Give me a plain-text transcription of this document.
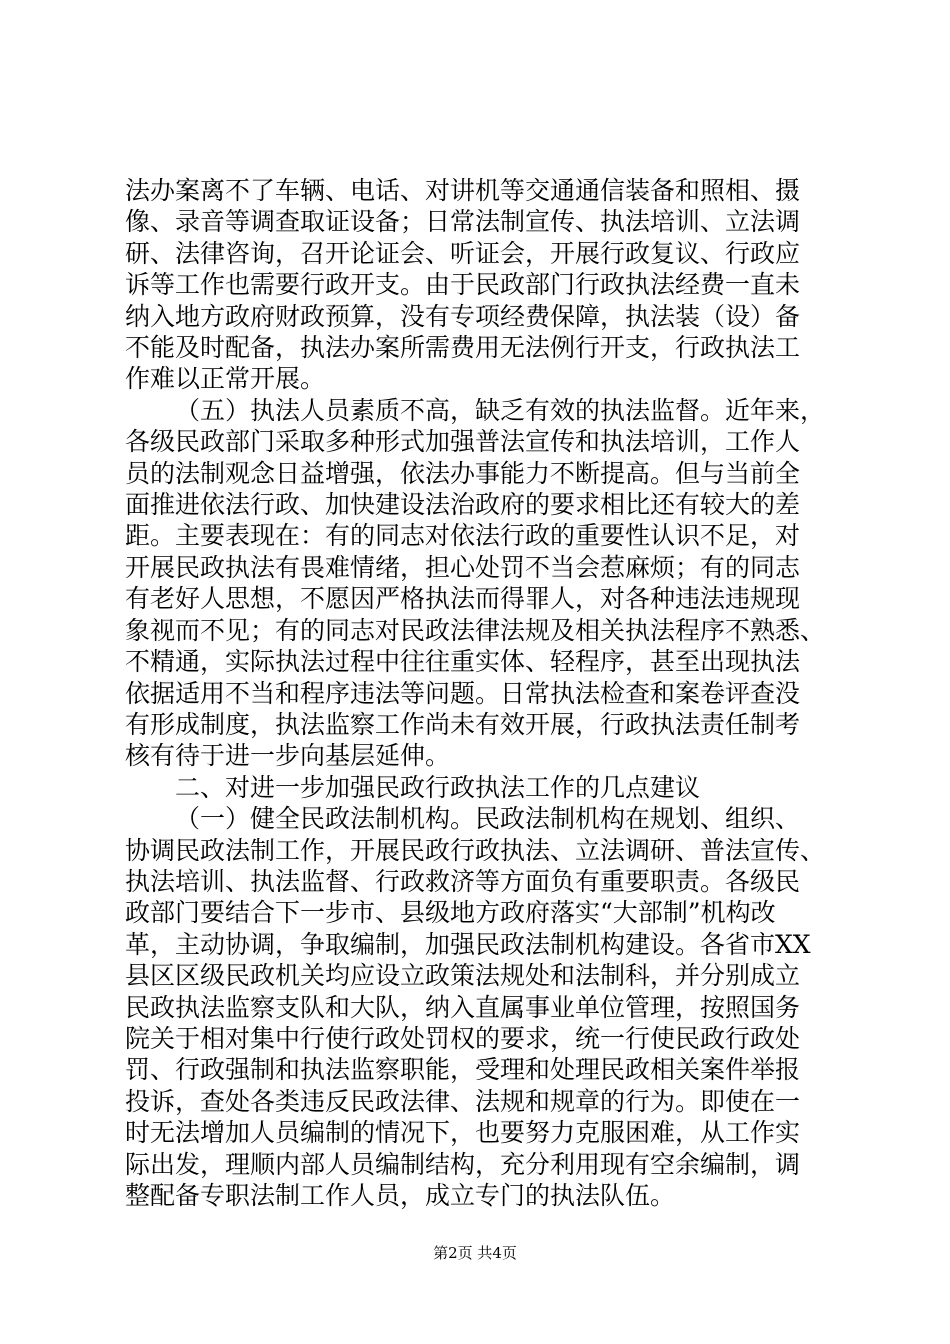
法办案离不了车辆、电话、对讲机等交通通信装备和照相、摄
像、录音等调查取证设备；日常法制宣传、执法培训、立法调
研、法律咨询，召开论证会、听证会，开展行政复议、行政应
诉等工作也需要行政开支。由于民政部门行政执法经费一直未
纳入地方政府财政预算，没有专项经费保障，执法装（设）备
不能及时配备，执法办案所需费用无法例行开支，行政执法工
作难以正常开展。

（五）执法人员素质不高，缺乏有效的执法监督。近年来，
各级民政部门采取多种形式加强普法宣传和执法培训，工作人
员的法制观念日益增强，依法办事能力不断提高。但与当前全
面推进依法行政、加快建设法治政府的要求相比还有较大的差
距。主要表现在：有的同志对依法行政的重要性认识不足，对
开展民政执法有畏难情绪，担心处罚不当会惹麻烦；有的同志
有老好人思想，不愿因严格执法而得罪人，对各种违法违规现
象视而不见；有的同志对民政法律法规及相关执法程序不熟悉、
不精通，实际执法过程中往往重实体、轻程序，甚至出现执法
依据适用不当和程序违法等问题。日常执法检查和案卷评查没
有形成制度，执法监察工作尚未有效开展，行政执法责任制考
核有待于进一步向基层延伸。

二、对进一步加强民政行政执法工作的几点建议

（一）健全民政法制机构。民政法制机构在规划、组织、
协调民政法制工作，开展民政行政执法、立法调研、普法宣传、
执法培训、执法监督、行政救济等方面负有重要职责。各级民
政部门要结合下一步市、县级地方政府落实“大部制”机构改
革，主动协调，争取编制，加强民政法制机构建设。各省市XX
县区区级民政机关均应设立政策法规处和法制科，并分别成立
民政执法监察支队和大队，纳入直属事业单位管理，按照国务
院关于相对集中行使行政处罚权的要求，统一行使民政行政处
罚、行政强制和执法监察职能，受理和处理民政相关案件举报
投诉，查处各类违反民政法律、法规和规章的行为。即使在一
时无法增加人员编制的情况下，也要努力克服困难，从工作实
际出发，理顺内部人员编制结构，充分利用现有空余编制，调
整配备专职法制工作人员，成立专门的执法队伍。

第2页 共4页
